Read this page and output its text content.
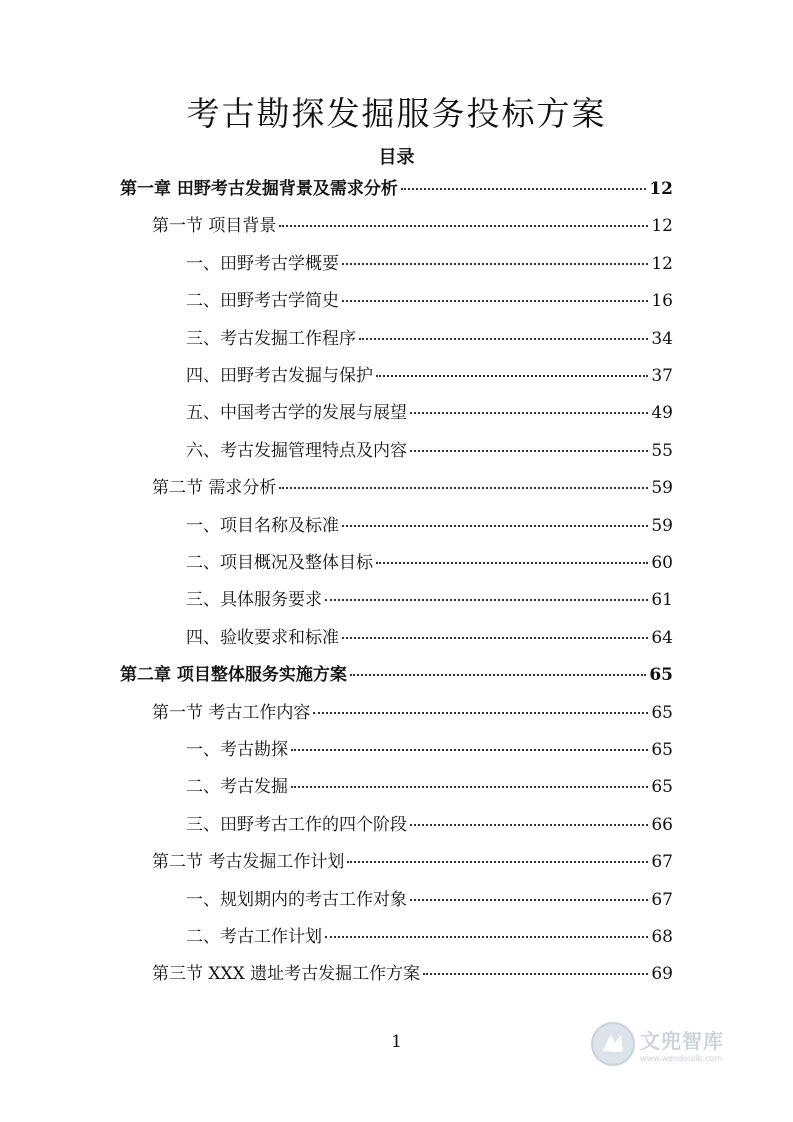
考古勘探发掘服务投标方案
目录
第一章 田野考古发掘背景及需求分析	12
第一节 项目背景	12
一、田野考古学概要	12
二、田野考古学简史	16
三、考古发掘工作程序	34
四、田野考古发掘与保护	37
五、中国考古学的发展与展望	49
六、考古发掘管理特点及内容	55
第二节 需求分析	59
一、项目名称及标准	59
二、项目概况及整体目标	60
三、具体服务要求	61
四、验收要求和标准	64
第二章 项目整体服务实施方案	65
第一节 考古工作内容	65
一、考古勘探	65
二、考古发掘	65
三、田野考古工作的四个阶段	66
第二节 考古发掘工作计划	67
一、规划期内的考古工作对象	67
二、考古工作计划	68
第三节 XXX 遗址考古发掘工作方案	69
1	文兜智库
www.wendoulib.com
